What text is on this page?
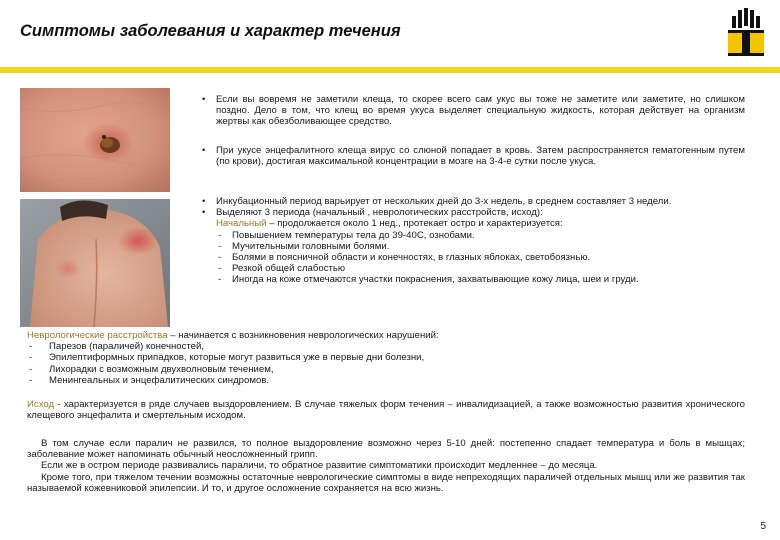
Симптомы заболевания и характер течения
• Если вы вовремя не заметили клеща, то скорее всего сам укус вы тоже не заметите или заметите, но слишком поздно. Дело в том, что клещ во время укуса выделяет специальную жидкость, которая действует на организм жертвы как обезболивающее средство.
• При укусе энцефалитного клеща вирус со слюной попадает в кровь. Затем распространяется гематогенным путем (по крови), достигая максимальной концентрации в мозге на 3-4-е сутки после укуса.
• Инкубационный период варьирует от нескольких дней до 3-х недель, в среднем составляет 3 недели.
• Выделяют 3 периода (начальный , неврологических расстройств, исход):
Начальный – продолжается около 1 нед., протекает остро и характеризуется:
- Повышением температуры тела до 39-40С, ознобами.
- Мучительными головными болями.
- Болями в поясничной области и конечностях, в глазных яблоках, светобоязнью.
- Резкой общей слабостью
- Иногда на коже отмечаются участки покраснения, захватывающие кожу лица, шеи и груди.
Неврологические расстройства – начинается с возникновения неврологических нарушений:
- Парезов (параличей) конечностей,
- Эпилептиформных припадков, которые могут развиться уже в первые дни болезни,
- Лихорадки с возможным двухволновым течением,
- Менингеальных и энцефалитических синдромов.
Исход - характеризуется в ряде случаев выздоровлением. В случае тяжелых форм течения – инвалидизацией, а также возможностью развития хронического клещевого энцефалита и смертельным исходом.
В том случае если паралич не развился, то полное выздоровление возможно через 5-10 дней: постепенно спадает температура и боль в мышцах; заболевание может напоминать обычный неосложненный грипп.
Если же в остром периоде развивались параличи, то обратное развитие симптоматики происходит медленнее – до месяца.
Кроме того, при тяжелом течении возможны остаточные неврологические симптомы в виде непреходящих параличей отдельных мышц или же развития так называемой кожевниковой эпилепсии. И то, и другое осложнение сохраняется на всю жизнь.
5
